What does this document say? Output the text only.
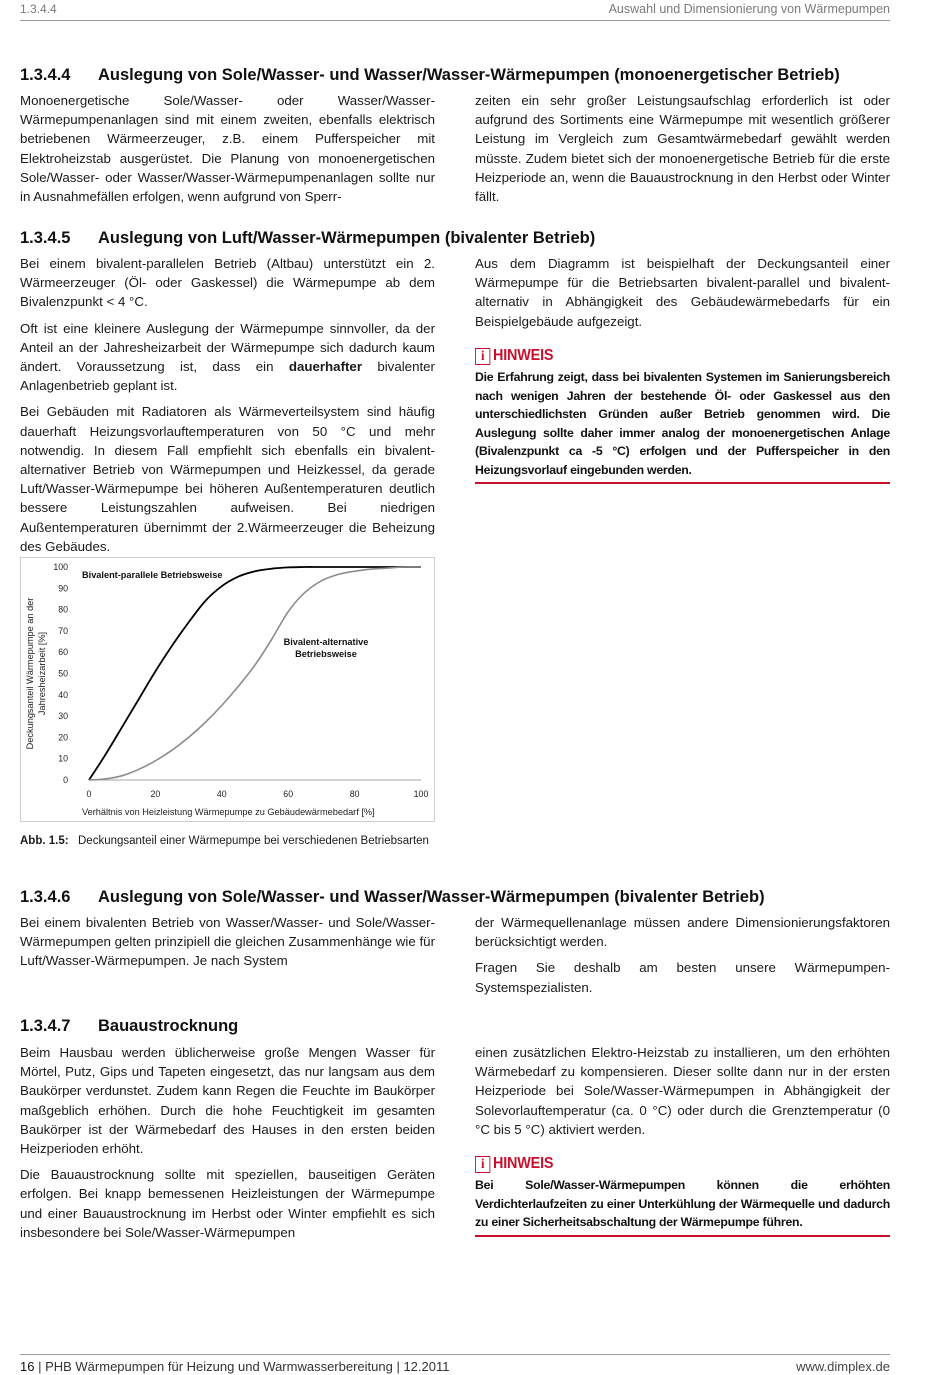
1.3.4.4	Auswahl und Dimensionierung von Wärmepumpen
1.3.4.4 Auslegung von Sole/Wasser- und Wasser/Wasser-Wärmepumpen (monoenergetischer Betrieb)

Monoenergetische Sole/Wasser- oder Wasser/Wasser-Wärmepumpenanlagen sind mit einem zweiten, ebenfalls elektrisch betriebenen Wärmeerzeuger, z.B. einem Pufferspeicher mit Elektroheizstab ausgerüstet. Die Planung von monoenergetischen Sole/Wasser- oder Wasser/Wasser-Wärmepumpenanlagen sollte nur in Ausnahmefällen erfolgen, wenn aufgrund von Sperr-

zeiten ein sehr großer Leistungsaufschlag erforderlich ist oder aufgrund des Sortiments eine Wärmepumpe mit wesentlich größerer Leistung im Vergleich zum Gesamtwärmebedarf gewählt werden müsste. Zudem bietet sich der monoenergetische Betrieb für die erste Heizperiode an, wenn die Bauaustrocknung in den Herbst oder Winter fällt.

1.3.4.5 Auslegung von Luft/Wasser-Wärmepumpen (bivalenter Betrieb)

Bei einem bivalent-parallelen Betrieb (Altbau) unterstützt ein 2. Wärmeerzeuger (Öl- oder Gaskessel) die Wärmepumpe ab dem Bivalenzpunkt < 4 °C.

Oft ist eine kleinere Auslegung der Wärmepumpe sinnvoller, da der Anteil an der Jahresheizarbeit der Wärmepumpe sich dadurch kaum ändert. Voraussetzung ist, dass ein dauerhafter bivalenter Anlagenbetrieb geplant ist.

Bei Gebäuden mit Radiatoren als Wärmeverteilsystem sind häufig dauerhaft Heizungsvorlauftemperaturen von 50 °C und mehr notwendig. In diesem Fall empfiehlt sich ebenfalls ein bivalent-alternativer Betrieb von Wärmepumpen und Heizkessel, da gerade Luft/Wasser-Wärmepumpe bei höheren Außentemperaturen deutlich bessere Leistungszahlen aufweisen. Bei niedrigen Außentemperaturen übernimmt der 2.Wärmeerzeuger die Beheizung des Gebäudes.

Aus dem Diagramm ist beispielhaft der Deckungsanteil einer Wärmepumpe für die Betriebsarten bivalent-parallel und bivalent-alternativ in Abhängigkeit des Gebäudewärmebedarfs für ein Beispielgebäude aufgezeigt.

i HINWEIS
Die Erfahrung zeigt, dass bei bivalenten Systemen im Sanierungsbereich nach wenigen Jahren der bestehende Öl- oder Gaskessel aus den unterschiedlichsten Gründen außer Betrieb genommen wird. Die Auslegung sollte daher immer analog der monoenergetischen Anlage (Bivalenzpunkt ca -5 °C) erfolgen und der Pufferspeicher in den Heizungsvorlauf eingebunden werden.
Deckungsanteil Wärmepumpe an der Jahresheizarbeit [%]
0
10
20
30
40
50
60
70
80
90
100
0	20	40	60	80	100
Verhältnis von Heizleistung Wärmepumpe zu Gebäudewärmebedarf [%]
Bivalent-parallele Betriebsweise
Bivalent-alternative
Betriebsweise
Abb. 1.5: Deckungsanteil einer Wärmepumpe bei verschiedenen Betriebsarten
1.3.4.6 Auslegung von Sole/Wasser- und Wasser/Wasser-Wärmepumpen (bivalenter Betrieb)

Bei einem bivalenten Betrieb von Wasser/Wasser- und Sole/Wasser-Wärmepumpen gelten prinzipiell die gleichen Zusammenhänge wie für Luft/Wasser-Wärmepumpen. Je nach System

der Wärmequellenanlage müssen andere Dimensionierungsfaktoren berücksichtigt werden.

Fragen Sie deshalb am besten unsere Wärmepumpen-Systemspezialisten.

1.3.4.7 Bauaustrocknung

Beim Hausbau werden üblicherweise große Mengen Wasser für Mörtel, Putz, Gips und Tapeten eingesetzt, das nur langsam aus dem Baukörper verdunstet. Zudem kann Regen die Feuchte im Baukörper maßgeblich erhöhen. Durch die hohe Feuchtigkeit im gesamten Baukörper ist der Wärmebedarf des Hauses in den ersten beiden Heizperioden erhöht.

Die Bauaustrocknung sollte mit speziellen, bauseitigen Geräten erfolgen. Bei knapp bemessenen Heizleistungen der Wärmepumpe und einer Bauaustrocknung im Herbst oder Winter empfiehlt es sich insbesondere bei Sole/Wasser-Wärmepumpen

einen zusätzlichen Elektro-Heizstab zu installieren, um den erhöhten Wärmebedarf zu kompensieren. Dieser sollte dann nur in der ersten Heizperiode bei Sole/Wasser-Wärmepumpen in Abhängigkeit der Solevorlauftemperatur (ca. 0 °C) oder durch die Grenztemperatur (0 °C bis 5 °C) aktiviert werden.

i HINWEIS
Bei Sole/Wasser-Wärmepumpen können die erhöhten Verdichterlaufzeiten zu einer Unterkühlung der Wärmequelle und dadurch zu einer Sicherheitsabschaltung der Wärmepumpe führen.
16 | PHB Wärmepumpen für Heizung und Warmwasserbereitung | 12.2011	www.dimplex.de
